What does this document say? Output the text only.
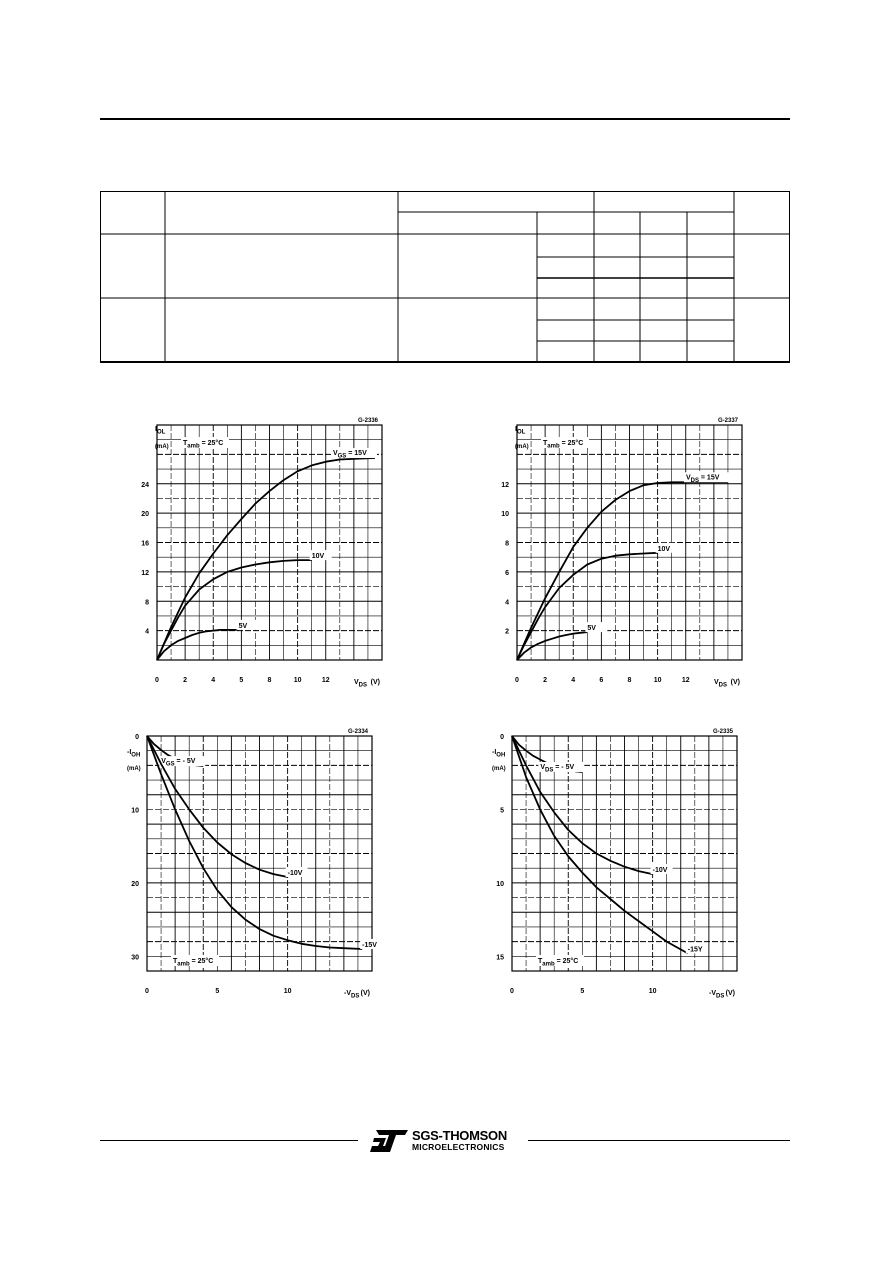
G-2336
IOL
(mA)
4
8
12
16
20
24
0	2	4	5	8	10	12	VDS (V)
Tamb = 25°C
5V
10V
VGS = 15V
G-2337
IOL
(mA)
2
4
6
8
10
12
0	2	4	6	8	10	12	VDS (V)
Tamb = 25°C
5V
10V
VDS = 15V
G-2334
-IOH
(mA)
0
10
20
30
0	5	10	-VDS (V)
Tamb = 25°C
VGS = - 5V
-10V
-15V
G-2335
-IOH
(mA)
0
5
10
15
0	5	10	-VDS (V)
Tamb = 25°C
VDS = - 5V
-10V
-15Y
SGS-THOMSON
MICROELECTRONICS
